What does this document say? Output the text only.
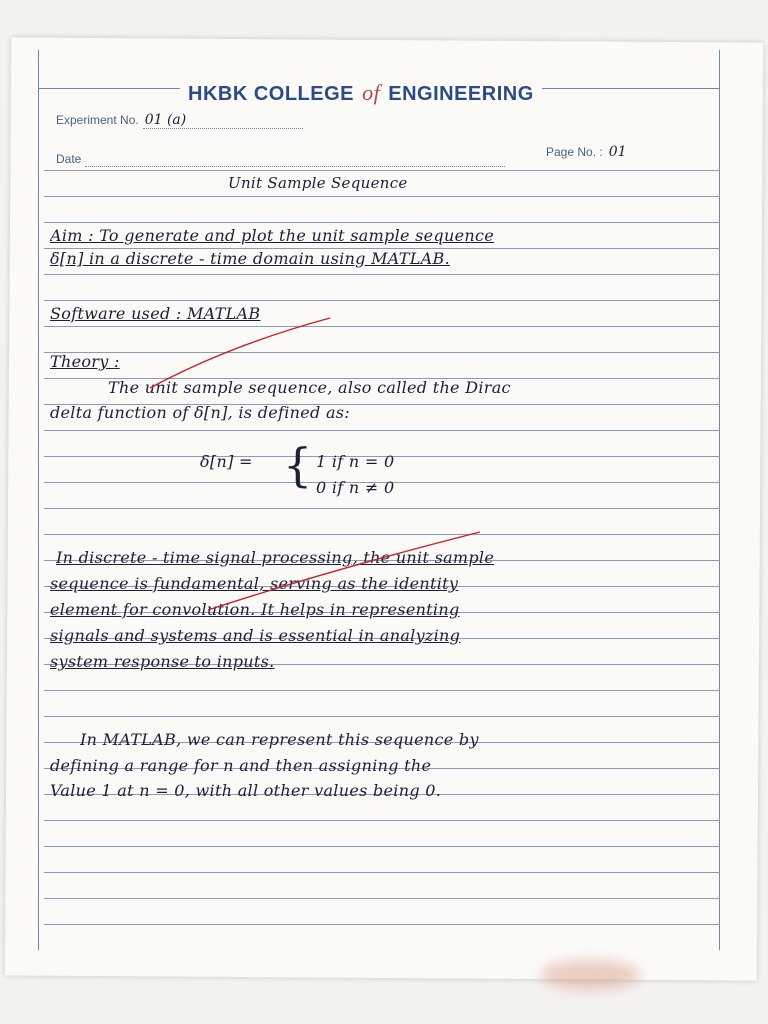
HKBK COLLEGE of ENGINEERING
Experiment No. 01 (a)
Date	Page No. : 01
Unit Sample Sequence
Aim : To generate and plot the unit sample sequence
δ[n] in a discrete - time domain using MATLAB.
Software used : MATLAB
Theory :
The unit sample sequence, also called the Dirac
delta function of δ[n], is defined as:
δ[n] = { 1 if n = 0
0 if n ≠ 0
In discrete - time signal processing, the unit sample
sequence is fundamental, serving as the identity
element for convolution. It helps in representing
signals and systems and is essential in analyzing
system response to inputs.
In MATLAB, we can represent this sequence by
defining a range for n and then assigning the
Value 1 at n = 0, with all other values being 0.
